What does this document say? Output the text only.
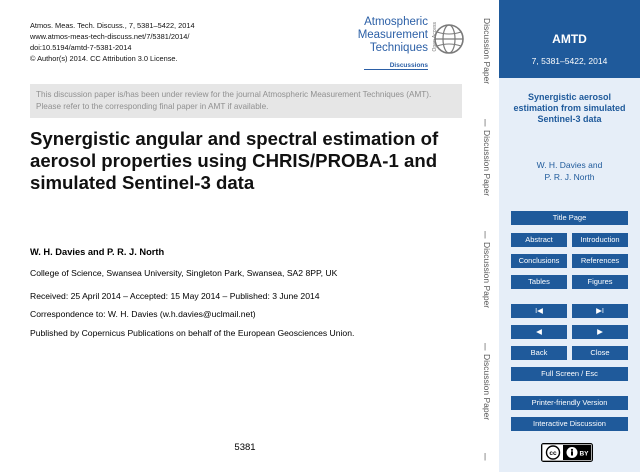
Atmos. Meas. Tech. Discuss., 7, 5381–5422, 2014
www.atmos-meas-tech-discuss.net/7/5381/2014/
doi:10.5194/amtd-7-5381-2014
© Author(s) 2014. CC Attribution 3.0 License.
Atmospheric
Measurement
Techniques
Discussions
Open Access

This discussion paper is/has been under review for the journal Atmospheric Measurement Techniques (AMT). Please refer to the corresponding final paper in AMT if available.

Synergistic angular and spectral estimation of aerosol properties using CHRIS/PROBA-1 and simulated Sentinel-3 data
W. H. Davies and P. R. J. North
College of Science, Swansea University, Singleton Park, Swansea, SA2 8PP, UK
Received: 25 April 2014 – Accepted: 15 May 2014 – Published: 3 June 2014
Correspondence to: W. H. Davies (w.h.davies@uclmail.net)
Published by Copernicus Publications on behalf of the European Geosciences Union.
5381
Discussion Paper
|
Discussion Paper
|
Discussion Paper
|
Discussion Paper
|
AMTD
7, 5381–5422, 2014
Synergistic aerosol estimation from simulated Sentinel-3 data
W. H. Davies and
P. R. J. North
Title Page
Abstract	Introduction
Conclusions	References
Tables	Figures
I◀	▶I
◀	▶
Back	Close
Full Screen / Esc
Printer-friendly Version
Interactive Discussion
cc	BY
